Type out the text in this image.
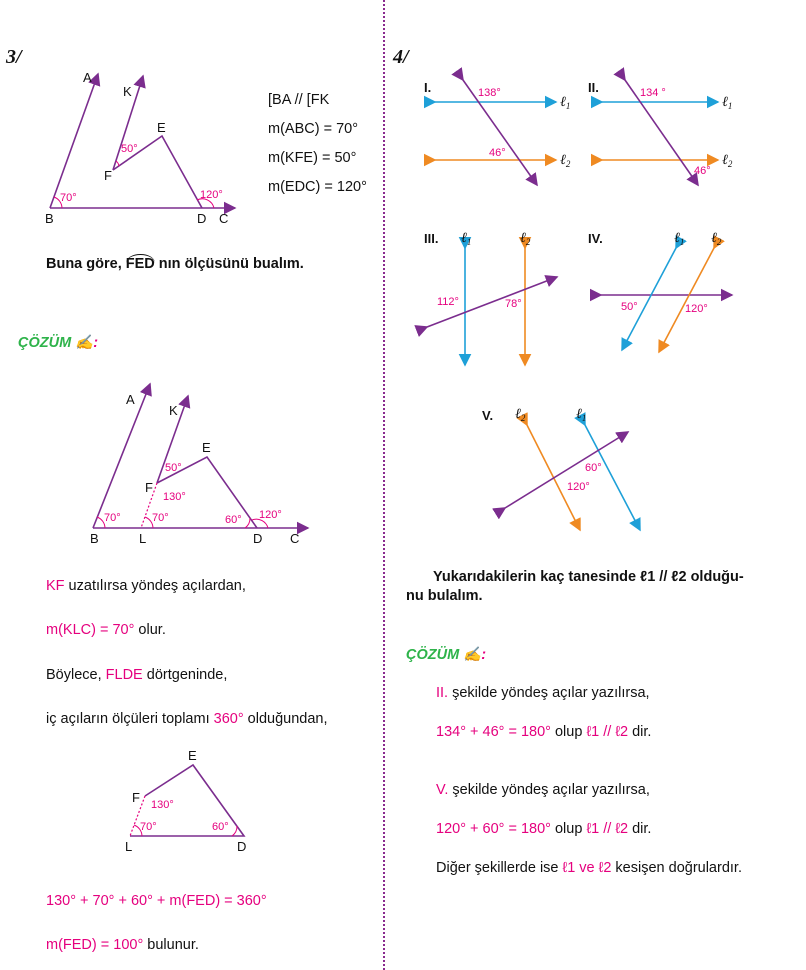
3/
A
K
E
F
B	D C
50°
70°	120°
A
K
E
F
B	L	D C
50°
130°
70°	70°	60° 120°
E
F
L	D
130°
70°	60°
I.
ℓ$_1$
ℓ$_2$
138°
46°
II.
ℓ$_1$
ℓ$_2$
134 °
46°
III. ℓ$_1$	ℓ$_2$
112°	78°
IV.	ℓ$_1$ ℓ$_2$
50°	120°
V. ℓ$_2$	ℓ$_1$
60°
120°
[BA // [FK
m(ABC) = 70°
m(KFE) = 50°
m(EDC) = 120°
Buna göre, FED nın ölçüsünü bualım.
ÇÖZÜM ✍:
KF uzatılırsa yöndeş açılardan,
m(KLC) = 70° olur.
Böylece, FLDE dörtgeninde,
iç açıların ölçüleri toplamı 360° olduğundan,
130° + 70° + 60° + m(FED) = 360°
m(FED) = 100° bulunur.
4/
Yukarıdakilerin kaç tanesinde ℓ1 // ℓ2 olduğu-
nu bulalım.
ÇÖZÜM ✍:
II. şekilde yöndeş açılar yazılırsa,
134° + 46° = 180° olup ℓ1 // ℓ2 dir.
V. şekilde yöndeş açılar yazılırsa,
120° + 60° = 180° olup ℓ1 // ℓ2 dir.
Diğer şekillerde ise ℓ1 ve ℓ2 kesişen doğrulardır.
